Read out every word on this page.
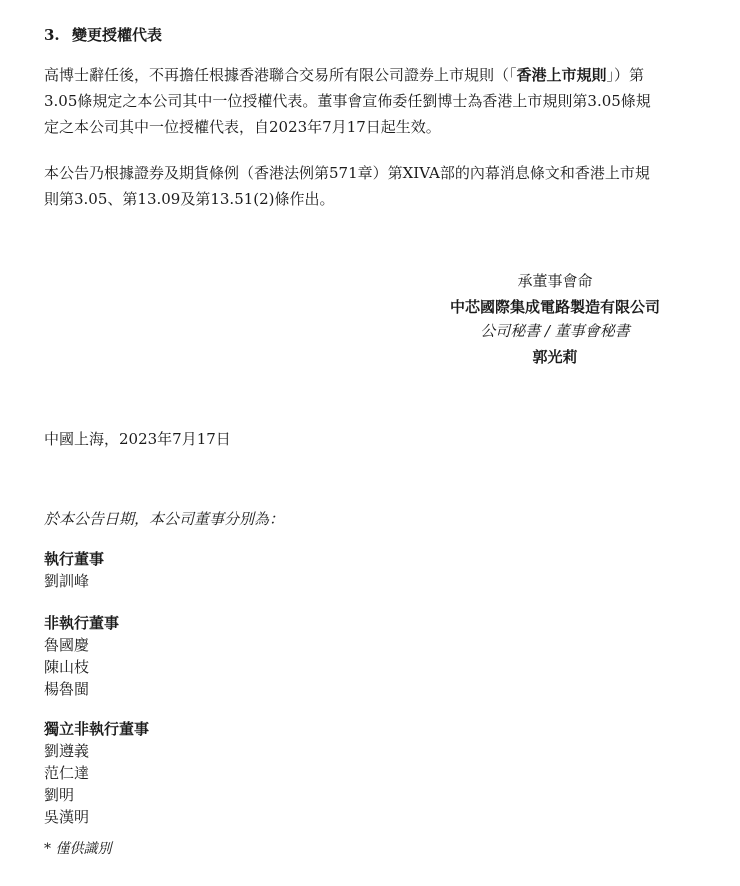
3. 變更授權代表
高博士辭任後，不再擔任根據香港聯合交易所有限公司證券上市規則（「香港上市規則」）第
3.05條規定之本公司其中一位授權代表。董事會宣佈委任劉博士為香港上市規則第3.05條規
定之本公司其中一位授權代表，自2023年7月17日起生效。
本公告乃根據證券及期貨條例（香港法例第571章）第XIVA部的內幕消息條文和香港上市規
則第3.05、第13.09及第13.51(2)條作出。
承董事會命
中芯國際集成電路製造有限公司
公司秘書 / 董事會秘書
郭光莉
中國上海，2023年7月17日
於本公告日期，本公司董事分別為：
執行董事
劉訓峰
非執行董事
魯國慶
陳山枝
楊魯閩
獨立非執行董事
劉遵義
范仁達
劉明
吳漢明
* 僅供識別
